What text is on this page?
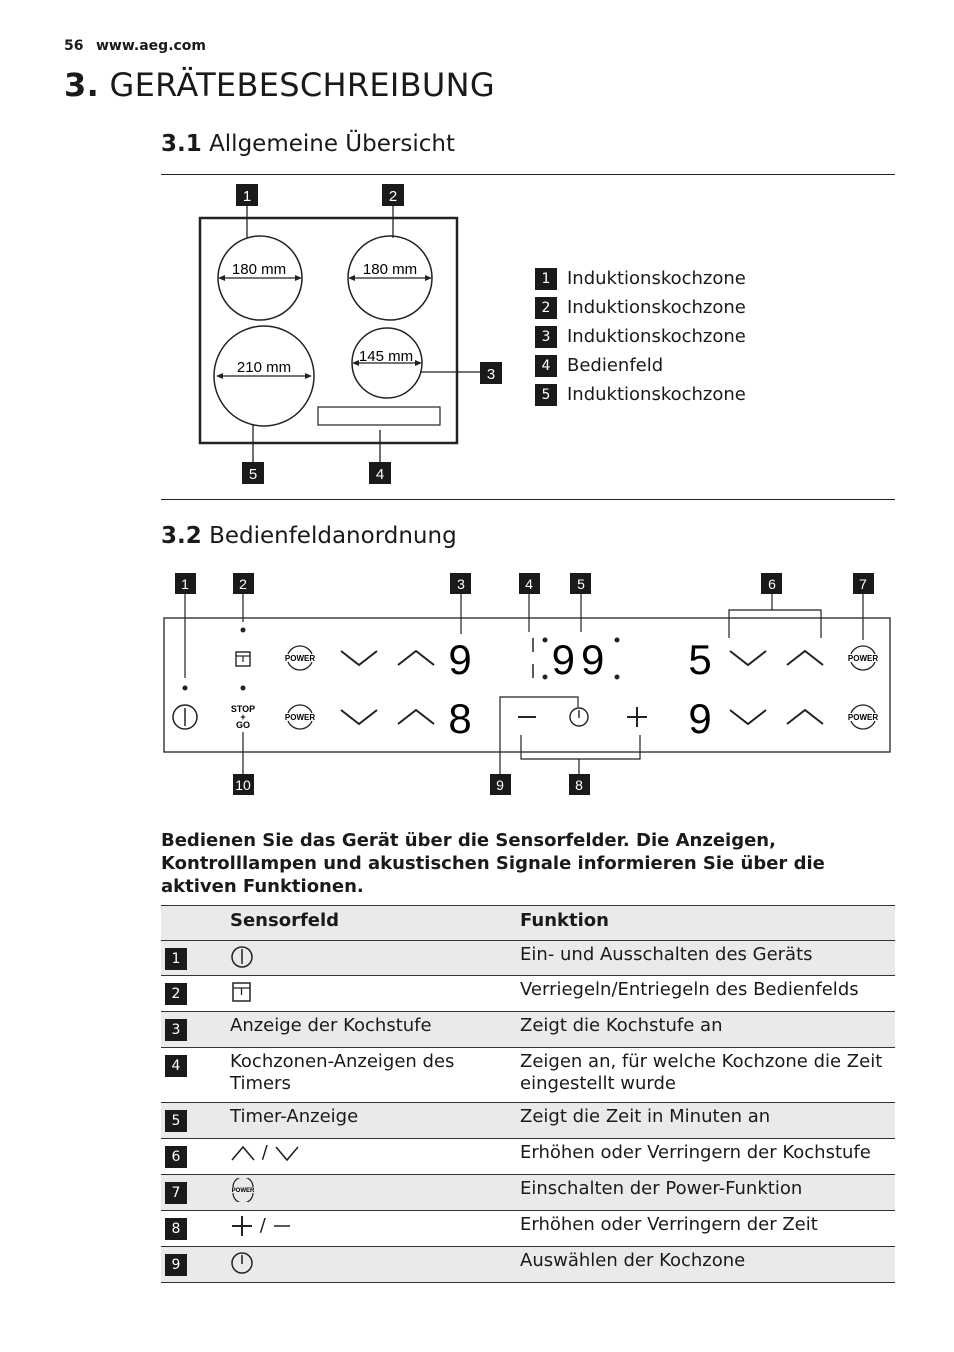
56 www.aeg.com
3. GERÄTEBESCHREIBUNG
3.1 Allgemeine Übersicht
180 mm	180 mm
210 mm
145 mm
1	2
3
4
5
1 Induktionskochzone
2 Induktionskochzone
3 Induktionskochzone
4 Bedienfeld
5 Induktionskochzone
3.2 Bedienfeldanordnung
POWER	9 99 5	POWER
STOP
+
GO
POWER	8	9	POWER
1	2	3	4	5	6	7
10	9	8
Bedienen Sie das Gerät über die Sensorfelder. Die Anzeigen, Kontrolllampen und akustischen Signale informieren Sie über die aktiven Funktionen.
	Sensorfeld	Funktion
1		Ein- und Ausschalten des Geräts
2		Verriegeln/Entriegeln des Bedienfelds
3	Anzeige der Kochstufe	Zeigt die Kochstufe an
4	Kochzonen-Anzeigen des Timers	Zeigen an, für welche Kochzone die Zeit eingestellt wurde
5	Timer-Anzeige	Zeigt die Zeit in Minuten an
6	/	Erhöhen oder Verringern der Kochstufe
7	POWER	Einschalten der Power-Funktion
8	/	Erhöhen oder Verringern der Zeit
9		Auswählen der Kochzone
